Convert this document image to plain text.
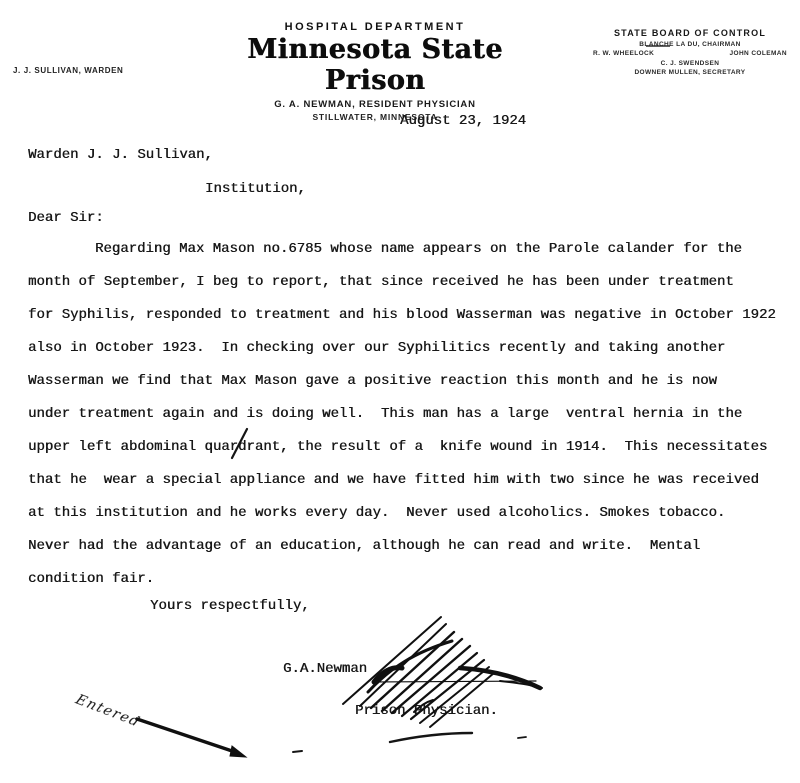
J. J. SULLIVAN, WARDEN
HOSPITAL DEPARTMENT
Minnesota State Prison
G. A. NEWMAN, RESIDENT PHYSICIAN
STILLWATER, MINNESOTA
STATE BOARD OF CONTROL
BLANCHE LA DU, CHAIRMAN
R. W. WHEELOCK	JOHN COLEMAN
C. J. SWENDSEN
DOWNER MULLEN, SECRETARY
August 23, 1924
Warden J. J. Sullivan,
Institution,
Dear Sir:
Regarding Max Mason no.6785 whose name appears on the Parole calander for the
month of September, I beg to report, that since received he has been under treatment
for Syphilis, responded to treatment and his blood Wasserman was negative in October 1922
also in October 1923.  In checking over our Syphilitics recently and taking another
Wasserman we find that Max Mason gave a positive reaction this month and he is now
under treatment again and is doing well.  This man has a large  ventral hernia in the
upper left abdominal quardrant, the result of a  knife wound in 1914.  This necessitates
that he  wear a special appliance and we have fitted him with two since he was received
at this institution and he works every day.  Never used alcoholics. Smokes tobacco.
Never had the advantage of an education, although he can read and write.  Mental
condition fair.
Yours respectfully,
G.A.Newman
Prison Physician.
Entered
